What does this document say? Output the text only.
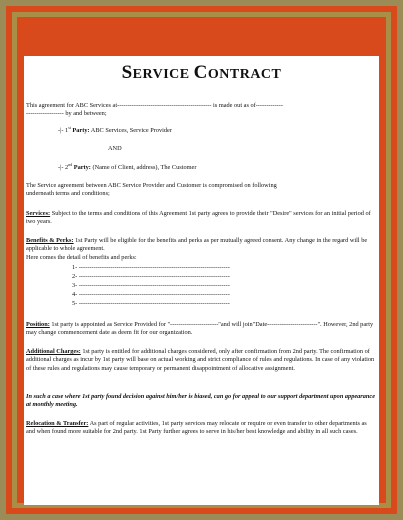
This agreement for ABC Services at--------------------------------------------- is made out as of-------------
------------------ by and between;
-|- 1st Party: ABC Services, Service Provider
AND
-|- 2nd Party: (Name of Client, address), The Customer
The Service agreement between ABC Service Provider and Customer is compromised on following
underneath terms and conditions;
Services: Subject to the terms and conditions of this Agreement 1st party agrees to provide their "Desire" services for an initial period of two years.
Benefits & Perks: 1st Party will be eligible for the benefits and perks as per mutually agreed consent. Any change in the regard will be applicable to whole agreement.
Here comes the detail of benefits and perks:
1- ------------------------------------------------------------------------
2- ------------------------------------------------------------------------
3- ------------------------------------------------------------------------
4- ------------------------------------------------------------------------
5- ------------------------------------------------------------------------
Position: 1st party is appointed as Service Provided for "-----------------------"and will join"Date------------------------". However, 2nd party may change commencement date as deem fit for our organization.
Additional Charges: 1st party is entitled for additional charges considered, only after confirmation from 2nd party. The confirmation of additional charges as incur by 1st party will base on actual working and strict compliance of rules and regulations. In case of any violation of these rules and regulations may cause temporary or permanent disappointment of allocative assignment.
In such a case where 1st party found decision against him/her is biased, can go for appeal to our support department upon appearance at monthly meeting.
Relocation & Transfer: As part of regular activities, 1st party services may relocate or require or even transfer to other departments as and when found more suitable for 2nd party. 1st Party further agrees to serve in his/her best knowledge and ability in all such cases.
SERVICE CONTRACT
